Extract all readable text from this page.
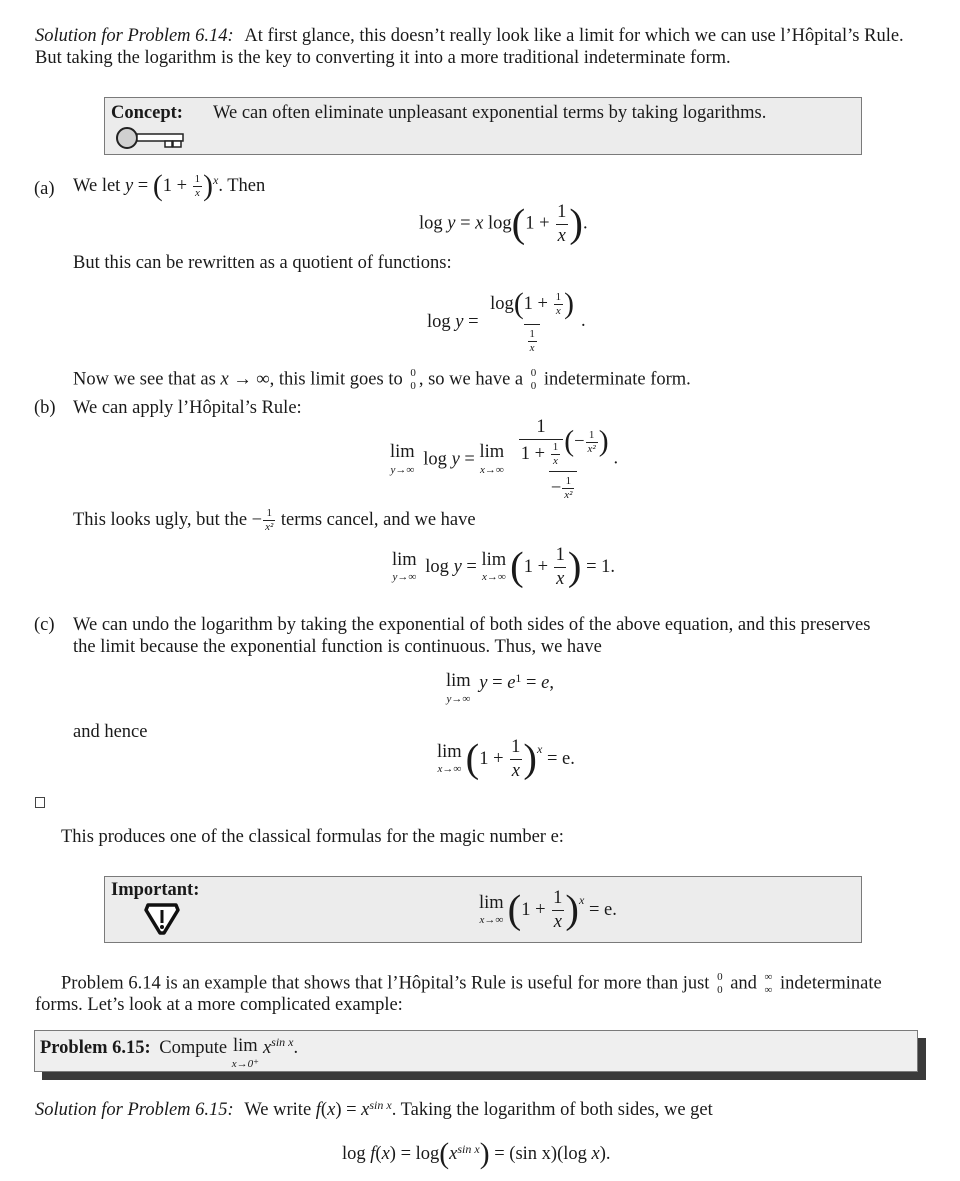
Solution for Problem 6.14: At first glance, this doesn’t really look like a limit for which we can use l’Hôpital’s Rule.
But taking the logarithm is the key to converting it into a more traditional indeterminate form.
Concept: We can often eliminate unpleasant exponential terms by taking logarithms.
(a) We let $y = (1 + \frac{1}{x} )^x$. Then
log y = x $\log(1 + \frac{1}{x}$ ).
But this can be rewritten as a quotient of functions:
$\log y = \frac{\log(1 + \frac{1}{x} )}{\frac{1}{x}}$ .
Now we see that as x → ∞, this limit goes to 0
0 , so we have a 0
0 indeterminate form.
(b) We can apply l’Hôpital’s Rule:
lim
y→∞
log y = lim
x→∞
$\frac{\frac{1}{1 + \frac{1}{x}} (- \frac{1}{\text{x²}} )}{- \frac{1}{\text{x²}}}$ .
This looks ugly, but the − $\frac{1}{\text{x²}}$ terms cancel, and we have
lim
y→∞
log y = lim
x→∞ ($1 + \frac{1}{x}$ ) = 1.
(c) We can undo the logarithm by taking the exponential of both sides of the above equation, and this preserves
the limit because the exponential function is continuous. Thus, we have
lim
y→∞
$y = e^1 = e$,
and hence
lim
x→∞ $(1 + \frac{1}{x} )^x = e$.
This produces one of the classical formulas for the magic number e:
Important:
lim
x→∞ $(1 + \frac{1}{x} )^x = e$.
Problem 6.14 is an example that shows that l’Hôpital’s Rule is useful for more than just 0
0 and ∞
∞ indeterminate
forms. Let’s look at a more complicated example:
Problem 6.15: Compute lim
x→0⁺
$x^{sin x}$.
Solution for Problem 6.15: We write $f(x) = x^{sin x}$. Taking the logarithm of both sides, we get
$\log f(x) = \log(x^{sin x}) = (\sin$ x)(log x).
